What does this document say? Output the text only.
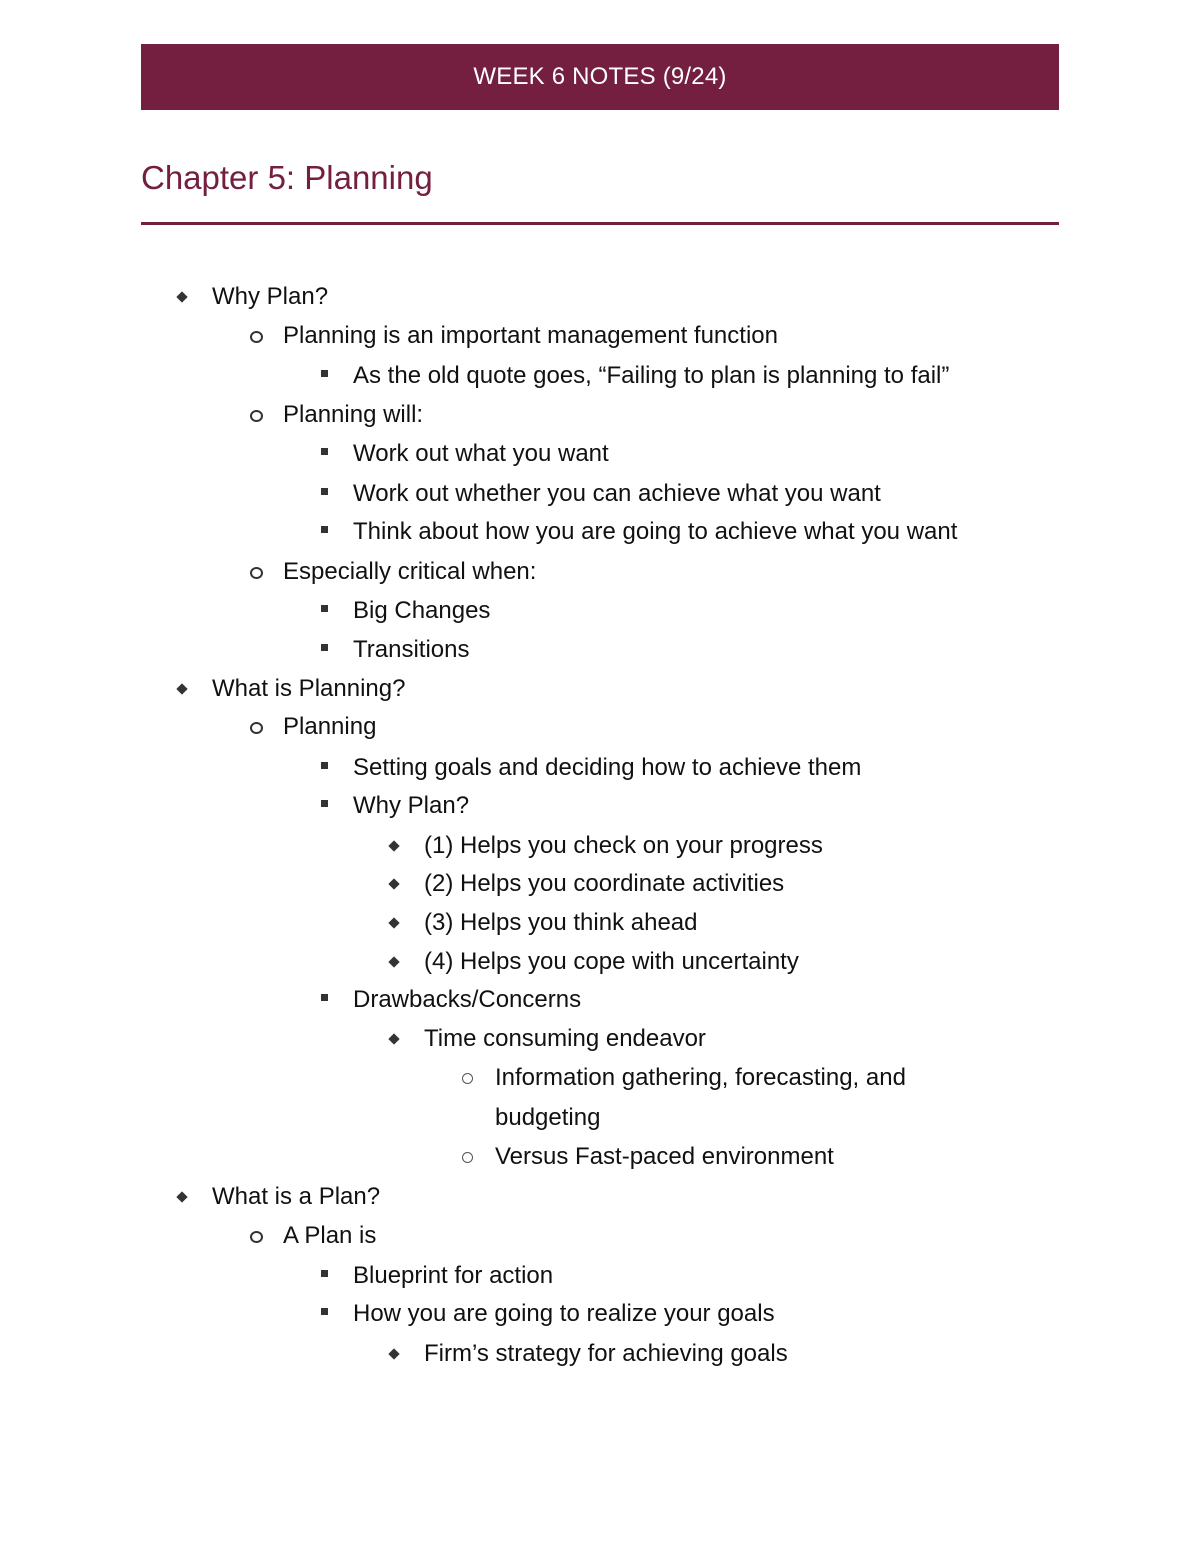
WEEK 6 NOTES (9/24)
Chapter 5: Planning
Why Plan?
Planning is an important management function
As the old quote goes, “Failing to plan is planning to fail”
Planning will:
Work out what you want
Work out whether you can achieve what you want
Think about how you are going to achieve what you want
Especially critical when:
Big Changes
Transitions
What is Planning?
Planning
Setting goals and deciding how to achieve them
Why Plan?
(1) Helps you check on your progress
(2) Helps you coordinate activities
(3) Helps you think ahead
(4) Helps you cope with uncertainty
Drawbacks/Concerns
Time consuming endeavor
Information gathering, forecasting, and
budgeting
Versus Fast-paced environment
What is a Plan?
A Plan is
Blueprint for action
How you are going to realize your goals
Firm’s strategy for achieving goals
